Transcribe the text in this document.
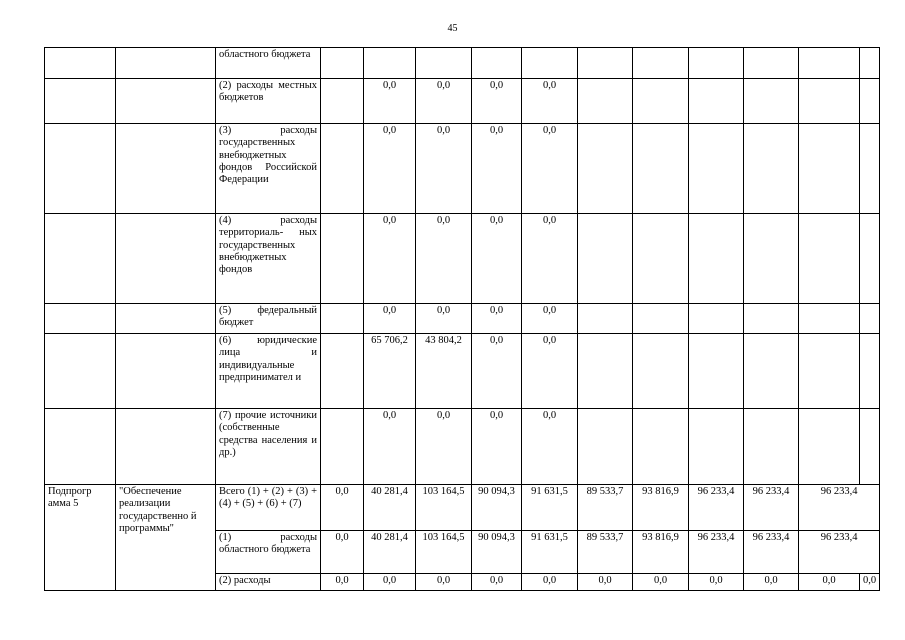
45
		областного бюджета											
		(2) расходы местных бюджетов		0,0	0,0	0,0	0,0						
		(3) расходы государственных внебюджетных фондов Российской Федерации		0,0	0,0	0,0	0,0						
		(4) расходы территориаль- ных государственных внебюджетных фондов		0,0	0,0	0,0	0,0						
		(5) федеральный бюджет		0,0	0,0	0,0	0,0						
		(6) юридические лица и индивидуальные предпринимател и		65 706,2	43 804,2	0,0	0,0						
		(7) прочие источники (собственные средства населения и др.)		0,0	0,0	0,0	0,0						
Подпрогр амма 5	"Обеспечение реализации государственно й программы"	Всего (1) + (2) + (3) + (4) + (5) + (6) + (7)	0,0	40 281,4	103 164,5	90 094,3	91 631,5	89 533,7	93 816,9	96 233,4	96 233,4	96 233,4	
		(1) расходы областного бюджета	0,0	40 281,4	103 164,5	90 094,3	91 631,5	89 533,7	93 816,9	96 233,4	96 233,4	96 233,4	
		(2) расходы	0,0	0,0	0,0	0,0	0,0	0,0	0,0	0,0	0,0	0,0	0,0
